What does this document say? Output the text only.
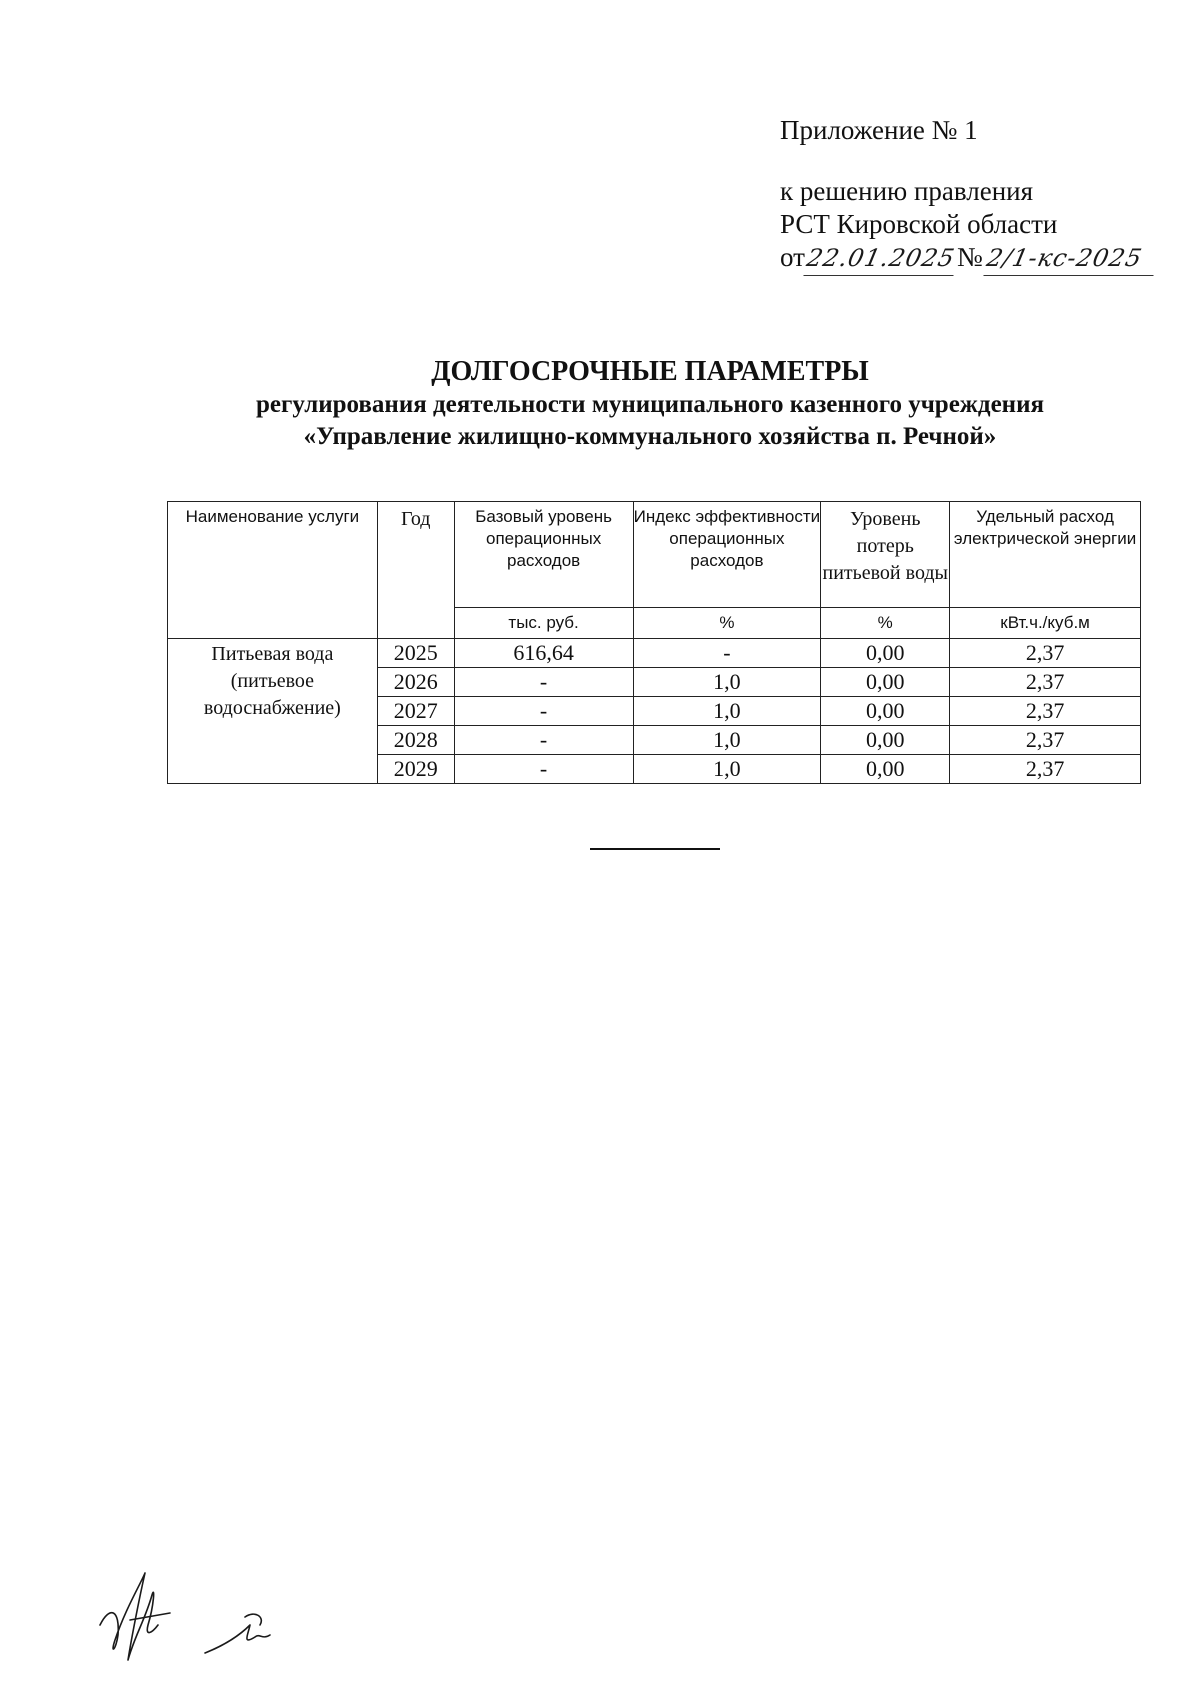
Приложение № 1
к решению правления
РСТ Кировской области
от 22.01.2025 № 2/1-кс-2025
ДОЛГОСРОЧНЫЕ ПАРАМЕТРЫ
регулирования деятельности муниципального казенного учреждения
«Управление жилищно-коммунального хозяйства п. Речной»
Наименование услуги	Год	Базовый уровень операционных расходов	Индекс эффективности операционных расходов	Уровень потерь питьевой воды	Удельный расход электрической энергии
		тыс. руб.	%	%	кВт.ч./куб.м
Питьевая вода (питьевое водоснабжение)	2025	616,64	-	0,00	2,37
	2026	-	1,0	0,00	2,37
	2027	-	1,0	0,00	2,37
	2028	-	1,0	0,00	2,37
	2029	-	1,0	0,00	2,37
